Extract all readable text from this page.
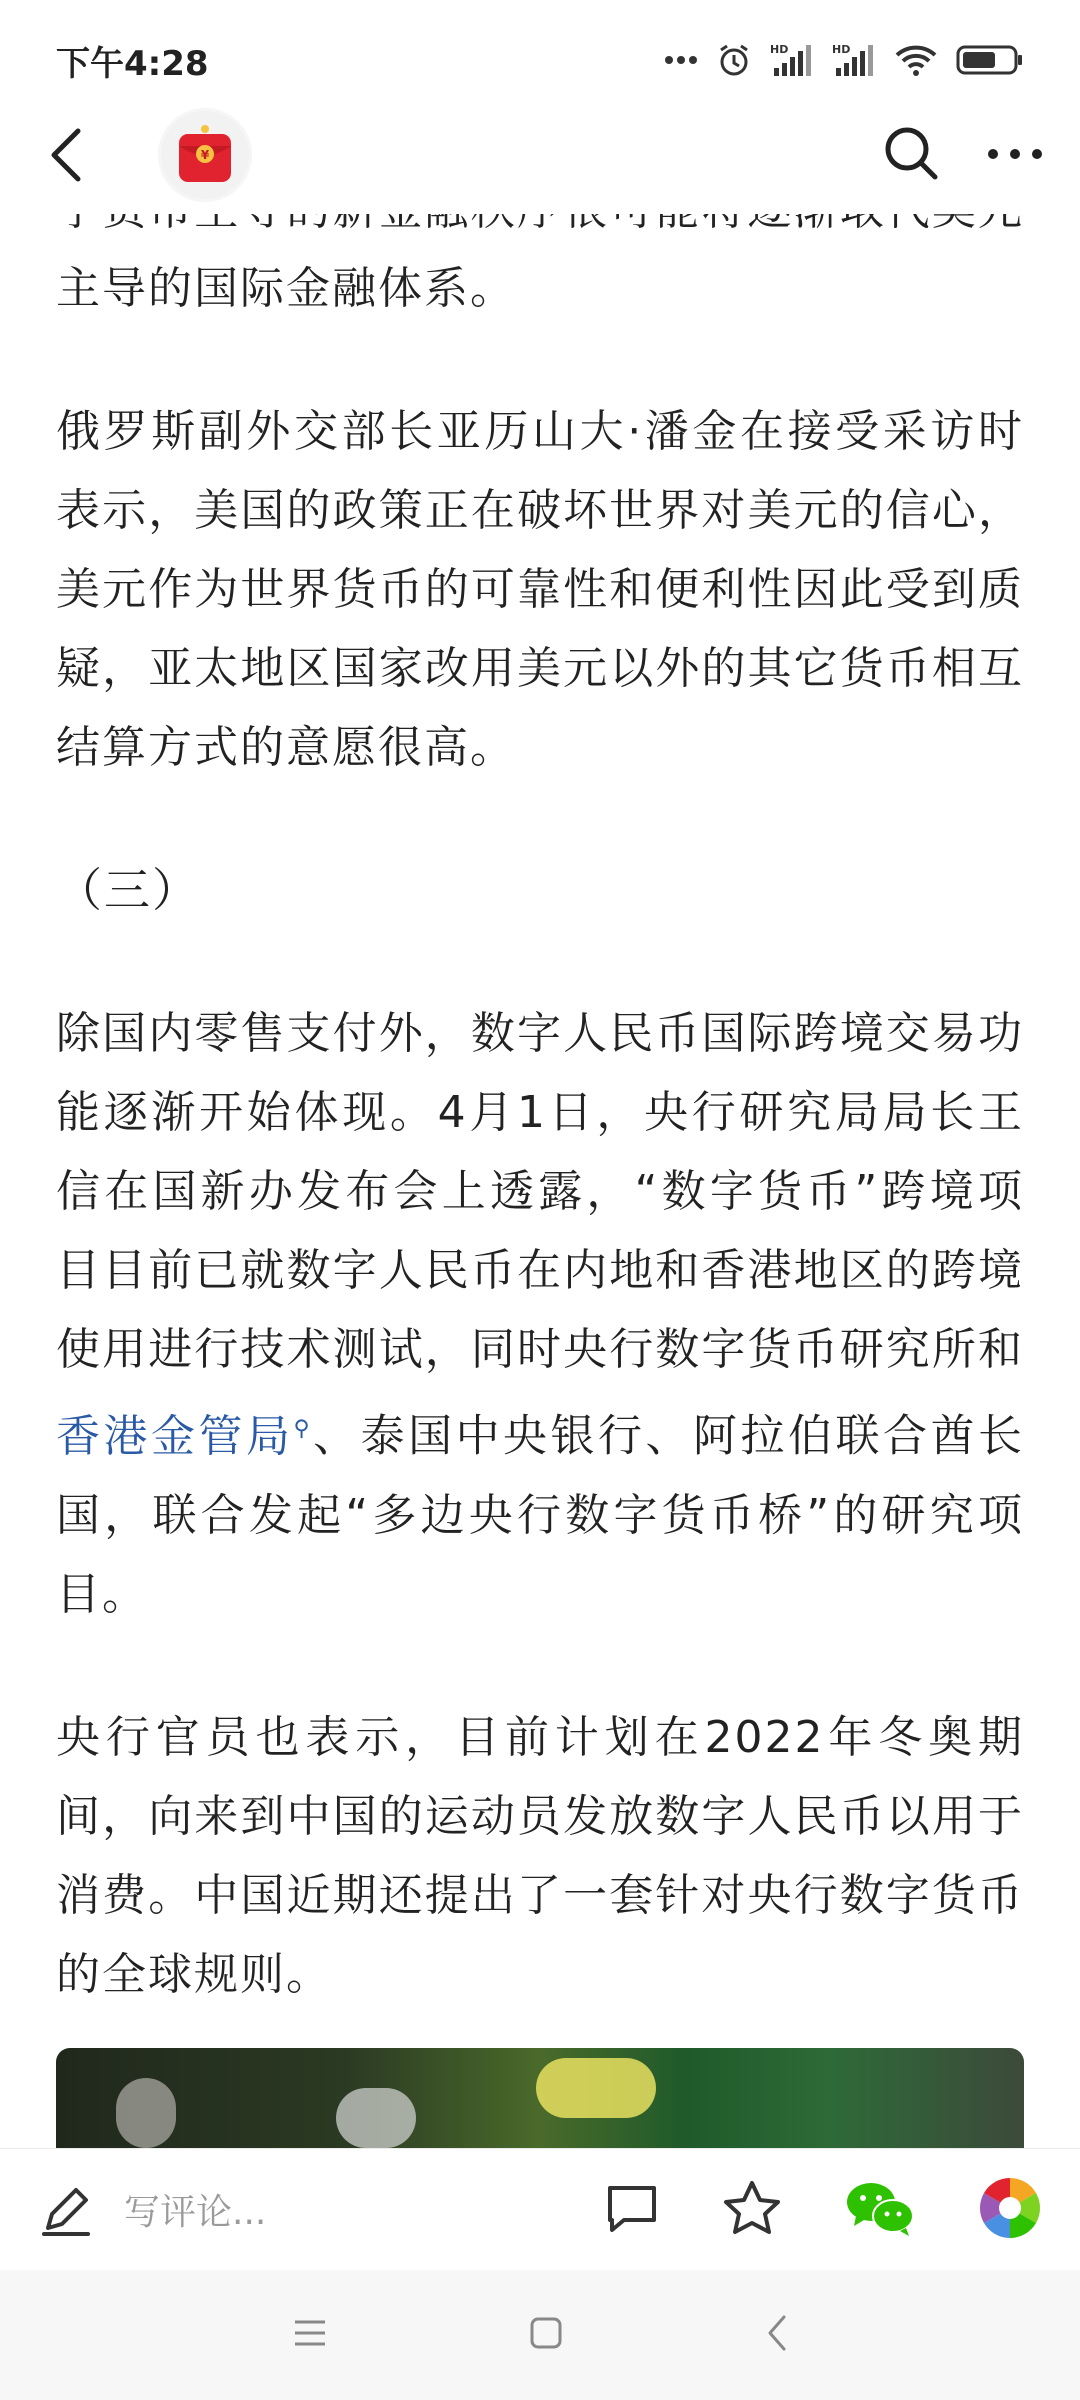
下午4:28	HD	HD
¥

主导的国际金融体系。

俄罗斯副外交部长亚历山大·潘金在接受采访时表示，美国的政策正在破坏世界对美元的信心，美元作为世界货币的可靠性和便利性因此受到质疑，亚太地区国家改用美元以外的其它货币相互结算方式的意愿很高。

（三）

除国内零售支付外，数字人民币国际跨境交易功能逐渐开始体现。4月1日，央行研究局局长王信在国新办发布会上透露，“数字货币”跨境项目目前已就数字人民币在内地和香港地区的跨境使用进行技术测试，同时央行数字货币研究所和香港金管局⚲、泰国中央银行、阿拉伯联合酋长国，联合发起“多边央行数字货币桥”的研究项目。

央行官员也表示，目前计划在2022年冬奥期间，向来到中国的运动员发放数字人民币以用于消费。中国近期还提出了一套针对央行数字货币的全球规则。

写评论...
